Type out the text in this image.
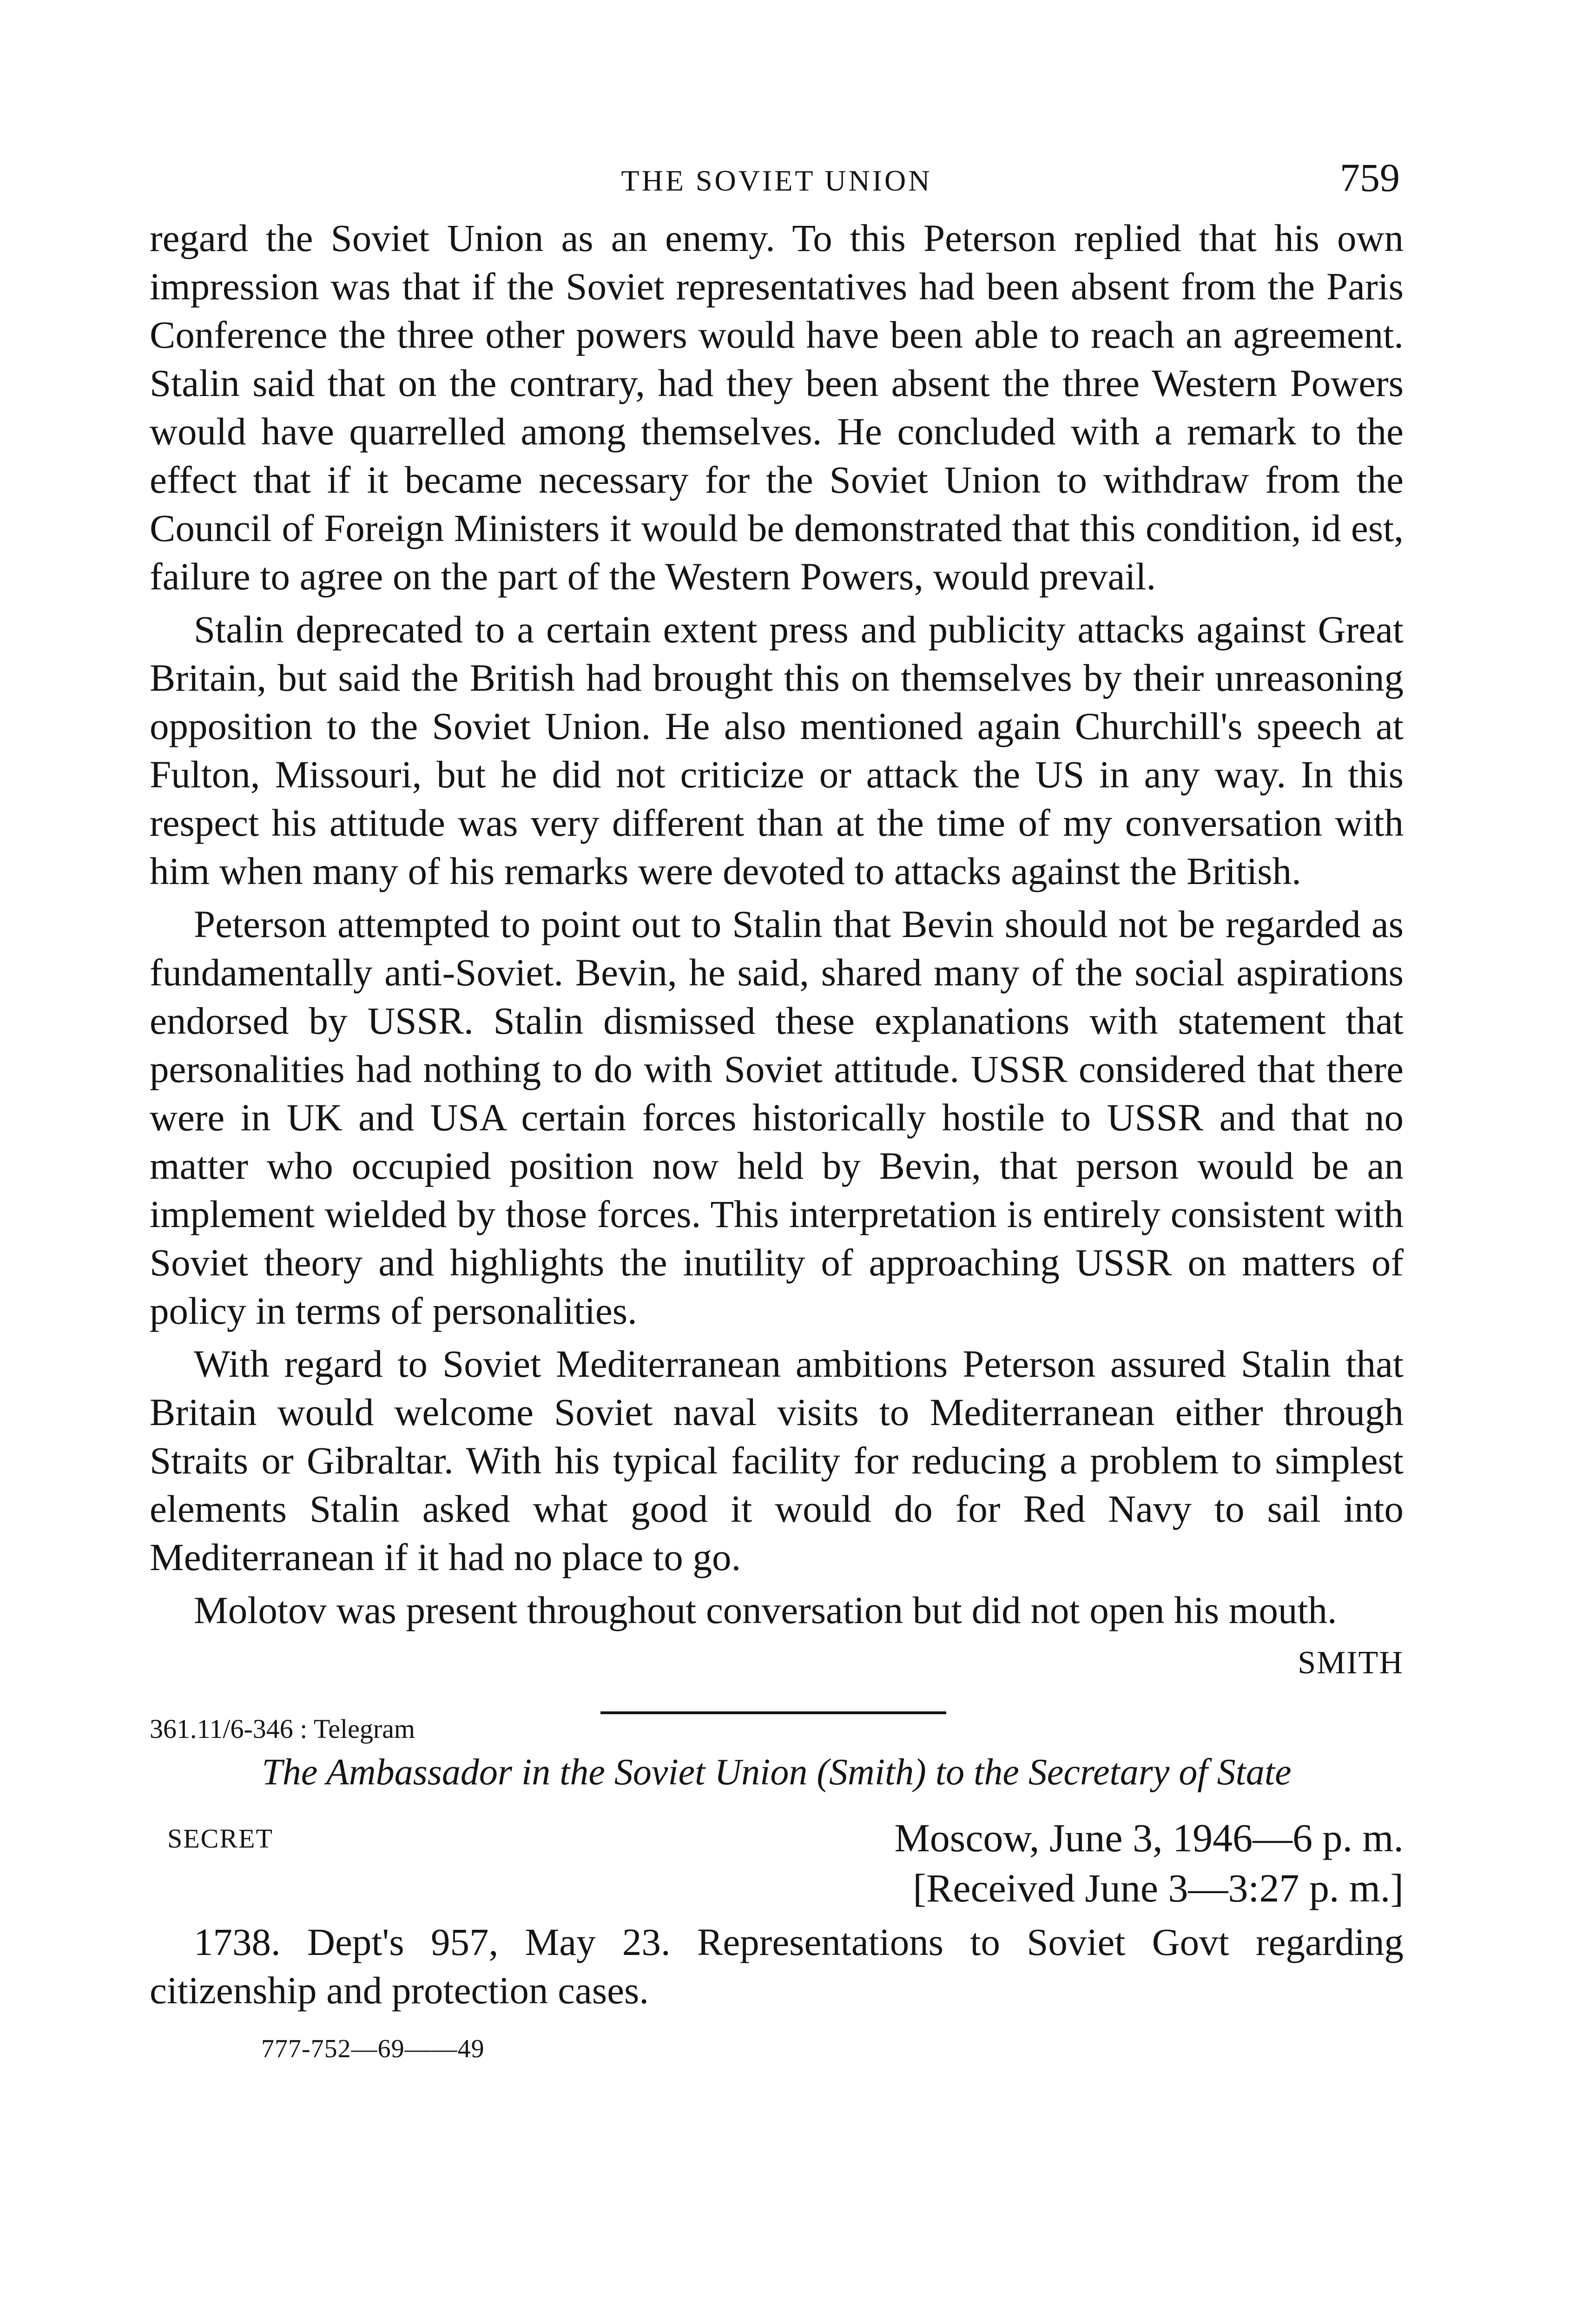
THE SOVIET UNION	759

regard the Soviet Union as an enemy. To this Peterson replied that his own impression was that if the Soviet representatives had been absent from the Paris Conference the three other powers would have been able to reach an agreement. Stalin said that on the contrary, had they been absent the three Western Powers would have quarrelled among themselves. He concluded with a remark to the effect that if it became necessary for the Soviet Union to withdraw from the Council of Foreign Ministers it would be demonstrated that this condition, id est, failure to agree on the part of the Western Powers, would prevail.

Stalin deprecated to a certain extent press and publicity attacks against Great Britain, but said the British had brought this on themselves by their unreasoning opposition to the Soviet Union. He also mentioned again Churchill's speech at Fulton, Missouri, but he did not criticize or attack the US in any way. In this respect his attitude was very different than at the time of my conversation with him when many of his remarks were devoted to attacks against the British.

Peterson attempted to point out to Stalin that Bevin should not be regarded as fundamentally anti-Soviet. Bevin, he said, shared many of the social aspirations endorsed by USSR. Stalin dismissed these explanations with statement that personalities had nothing to do with Soviet attitude. USSR considered that there were in UK and USA certain forces historically hostile to USSR and that no matter who occupied position now held by Bevin, that person would be an implement wielded by those forces. This interpretation is entirely consistent with Soviet theory and highlights the inutility of approaching USSR on matters of policy in terms of personalities.

With regard to Soviet Mediterranean ambitions Peterson assured Stalin that Britain would welcome Soviet naval visits to Mediterranean either through Straits or Gibraltar. With his typical facility for reducing a problem to simplest elements Stalin asked what good it would do for Red Navy to sail into Mediterranean if it had no place to go.

Molotov was present throughout conversation but did not open his mouth.

SMITH
361.11/6-346 : Telegram
The Ambassador in the Soviet Union (Smith) to the Secretary of State
SECRET	Moscow, June 3, 1946—6 p. m.
[Received June 3—3:27 p. m.]

1738. Dept's 957, May 23. Representations to Soviet Govt regarding citizenship and protection cases.

777-752—69——49
